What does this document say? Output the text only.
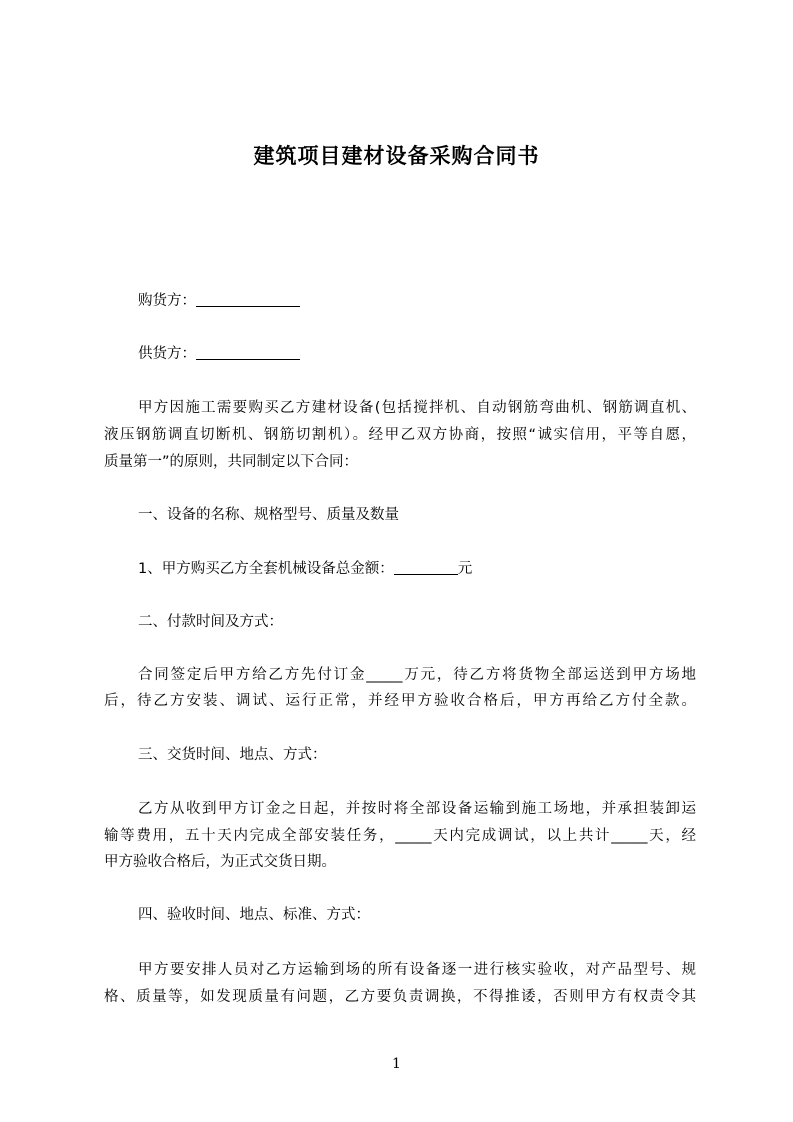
建筑项目建材设备采购合同书
购货方：
供货方：
甲方因施工需要购买乙方建材设备(包括搅拌机、自动钢筋弯曲机、钢筋调直机、
液压钢筋调直切断机、钢筋切割机）。经甲乙双方协商，按照“诚实信用，平等自愿，
质量第一”的原则，共同制定以下合同：
一、设备的名称、规格型号、质量及数量
1、甲方购买乙方全套机械设备总金额：	元
二、付款时间及方式：
合同签定后甲方给乙方先付订金_____万元，待乙方将货物全部运送到甲方场地
后，待乙方安装、调试、运行正常，并经甲方验收合格后，甲方再给乙方付全款。
三、交货时间、地点、方式：
乙方从收到甲方订金之日起，并按时将全部设备运输到施工场地，并承担装卸运
输等费用，五十天内完成全部安装任务，_____天内完成调试，以上共计_____天，经
甲方验收合格后，为正式交货日期。
四、验收时间、地点、标准、方式：
甲方要安排人员对乙方运输到场的所有设备逐一进行核实验收，对产品型号、规
格、质量等，如发现质量有问题，乙方要负责调换，不得推诿，否则甲方有权责令其
1
